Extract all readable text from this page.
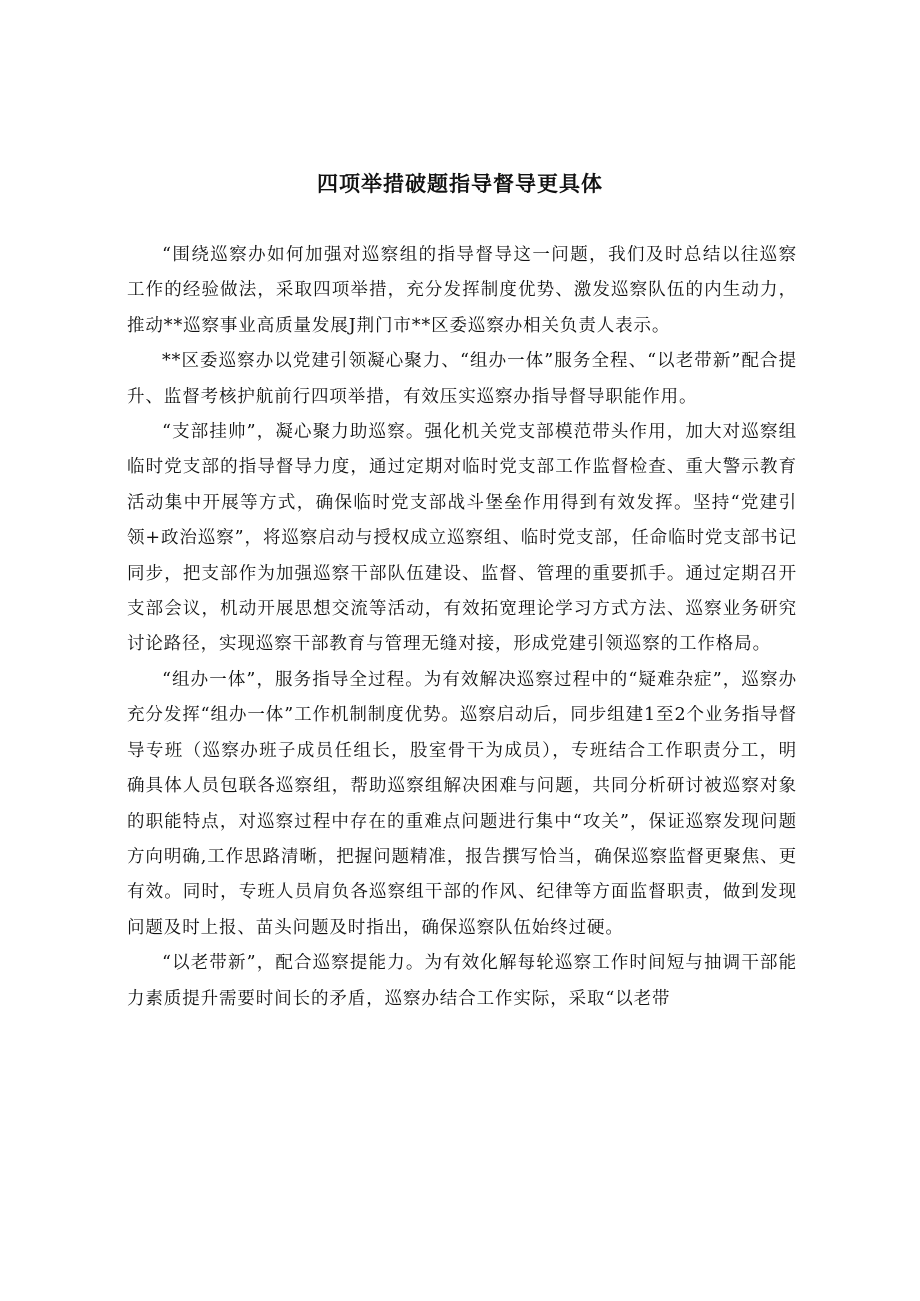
四项举措破题指导督导更具体

“围绕巡察办如何加强对巡察组的指导督导这一问题，我们及时总结以往巡察工作的经验做法，采取四项举措，充分发挥制度优势、激发巡察队伍的内生动力，推动**巡察事业高质量发展J荆门市**区委巡察办相关负责人表示。

**区委巡察办以党建引领凝心聚力、“组办一体”服务全程、“以老带新”配合提升、监督考核护航前行四项举措，有效压实巡察办指导督导职能作用。

“支部挂帅”，凝心聚力助巡察。强化机关党支部模范带头作用，加大对巡察组临时党支部的指导督导力度，通过定期对临时党支部工作监督检查、重大警示教育活动集中开展等方式，确保临时党支部战斗堡垒作用得到有效发挥。坚持“党建引领+政治巡察”，将巡察启动与授权成立巡察组、临时党支部，任命临时党支部书记同步，把支部作为加强巡察干部队伍建设、监督、管理的重要抓手。通过定期召开支部会议，机动开展思想交流等活动，有效拓宽理论学习方式方法、巡察业务研究讨论路径，实现巡察干部教育与管理无缝对接，形成党建引领巡察的工作格局。

“组办一体”，服务指导全过程。为有效解决巡察过程中的“疑难杂症”，巡察办充分发挥“组办一体”工作机制制度优势。巡察启动后，同步组建1至2个业务指导督导专班（巡察办班子成员任组长，股室骨干为成员），专班结合工作职责分工，明确具体人员包联各巡察组，帮助巡察组解决困难与问题，共同分析研讨被巡察对象的职能特点，对巡察过程中存在的重难点问题进行集中“攻关”，保证巡察发现问题方向明确,工作思路清晰，把握问题精准，报告撰写恰当，确保巡察监督更聚焦、更有效。同时，专班人员肩负各巡察组干部的作风、纪律等方面监督职责，做到发现问题及时上报、苗头问题及时指出，确保巡察队伍始终过硬。

“以老带新”，配合巡察提能力。为有效化解每轮巡察工作时间短与抽调干部能力素质提升需要时间长的矛盾，巡察办结合工作实际，采取“以老带
